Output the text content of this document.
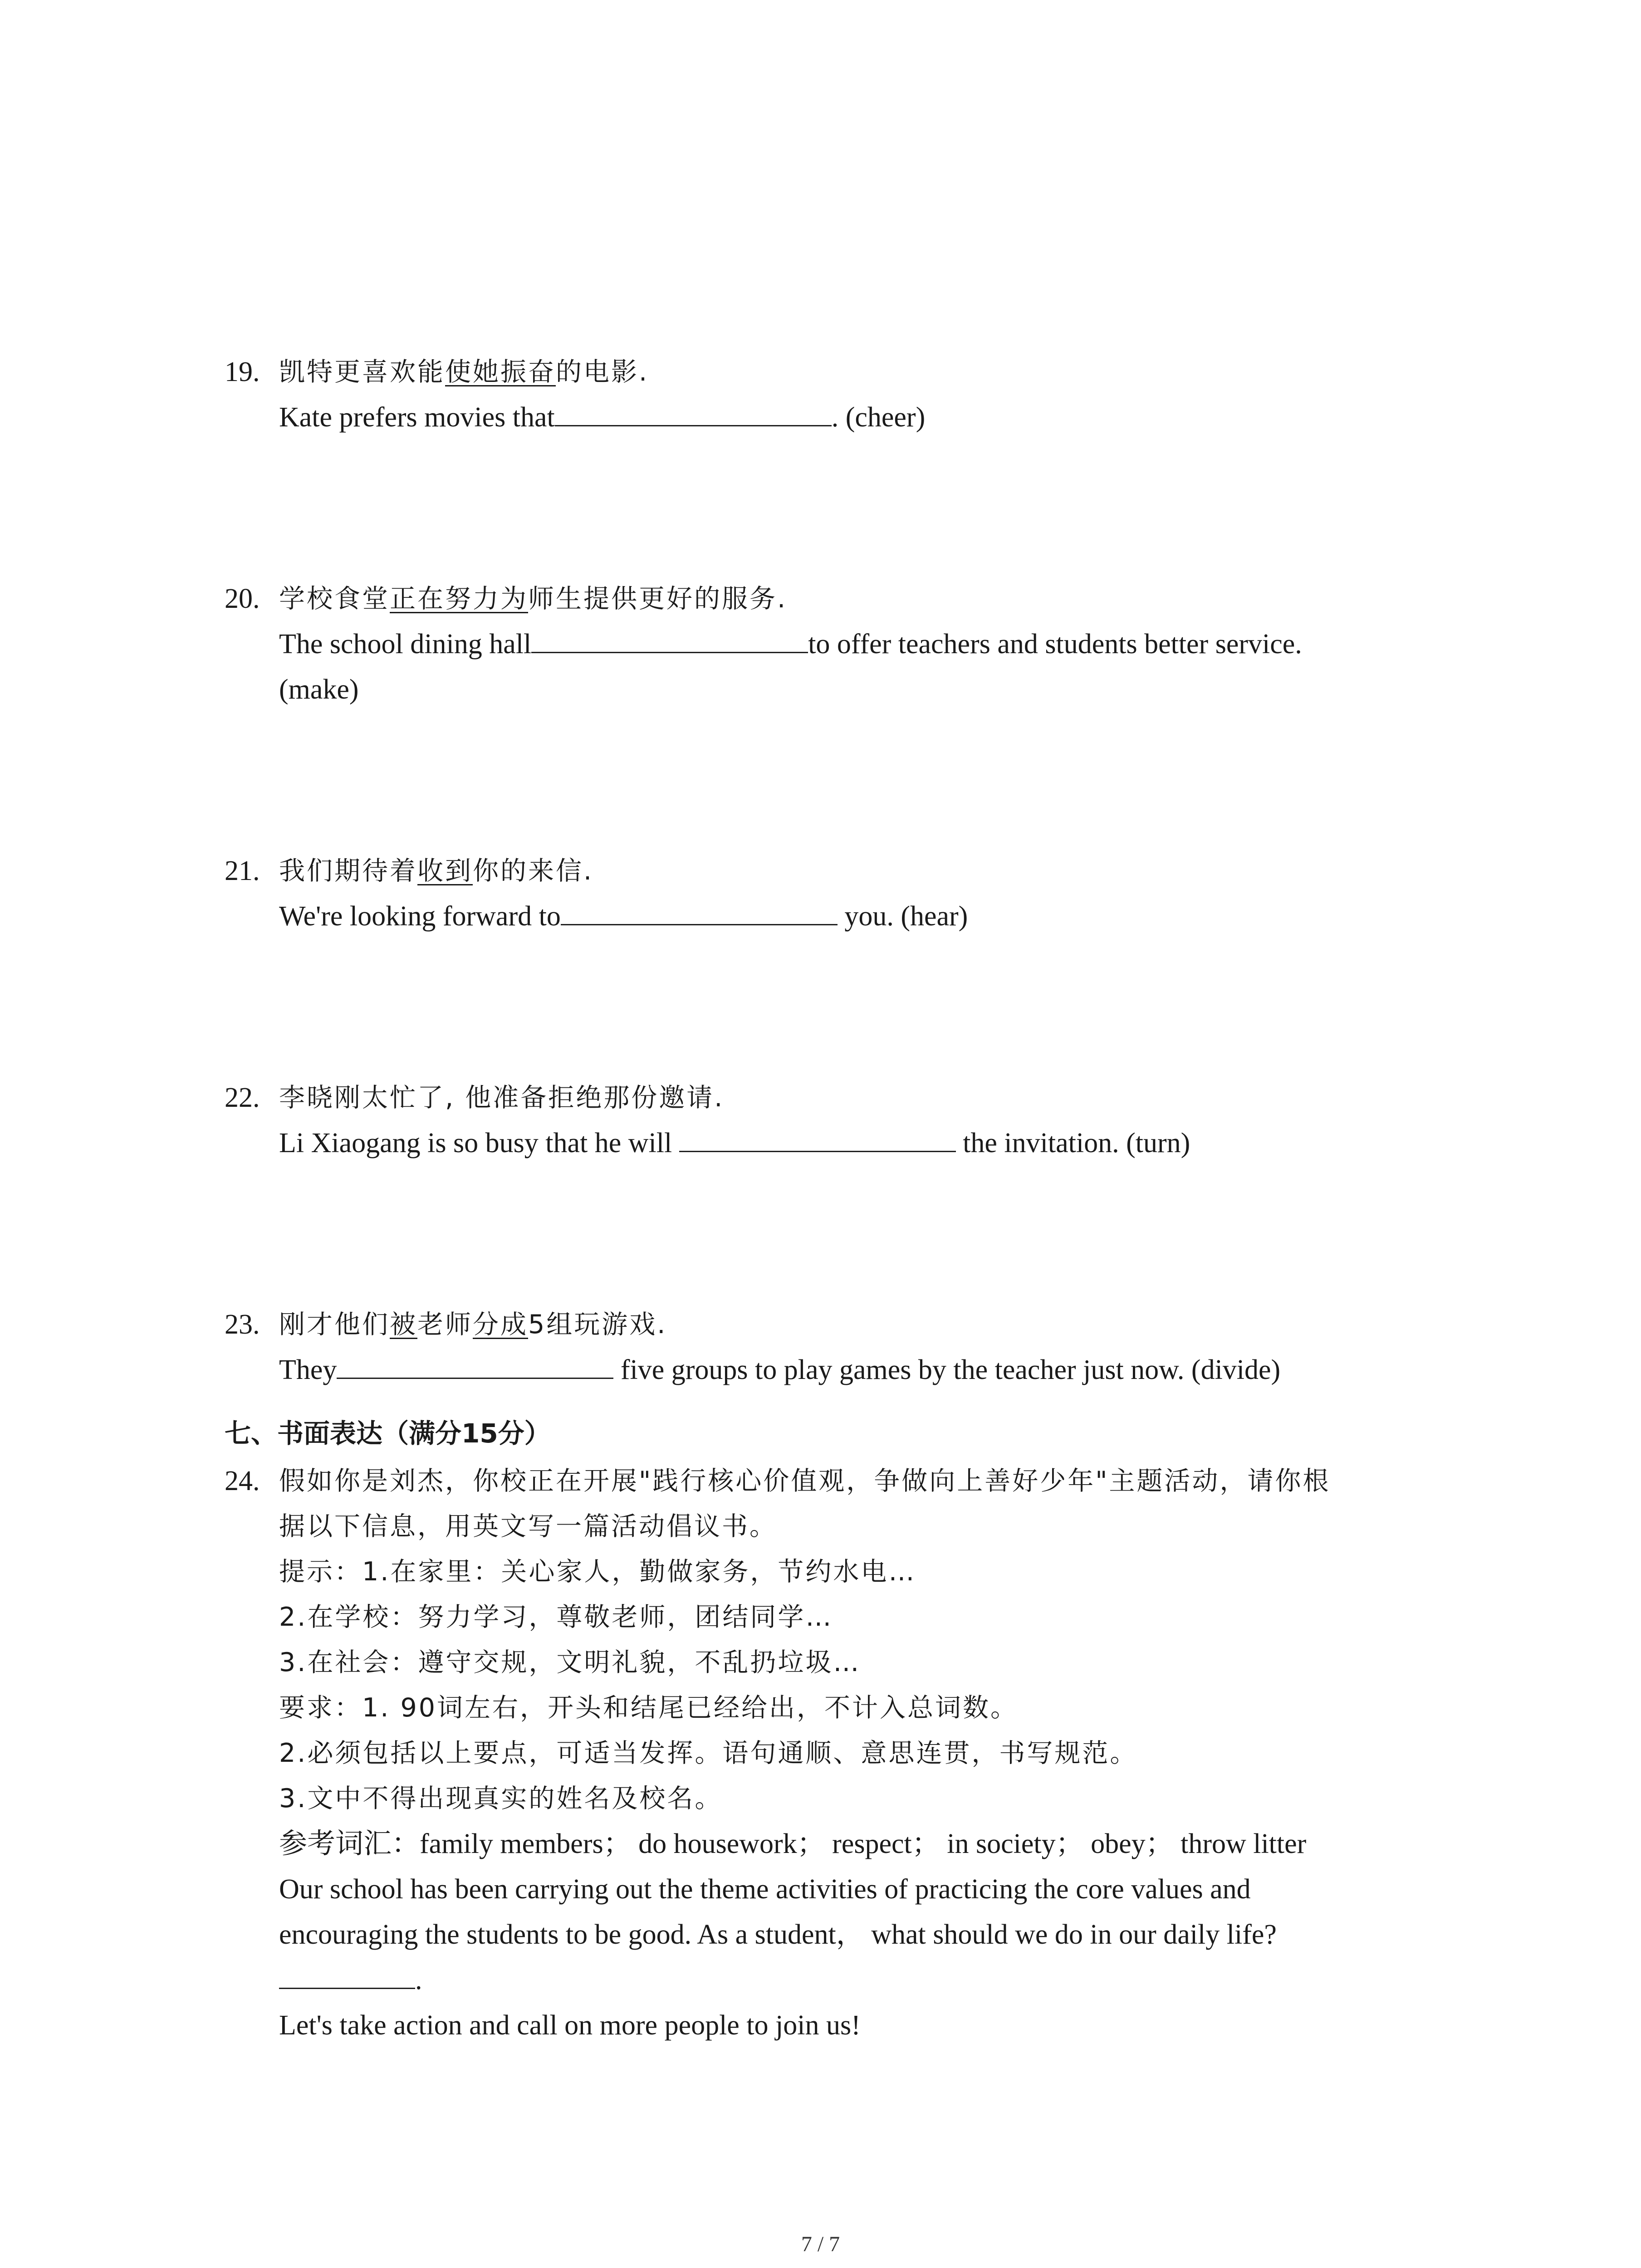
19. 凯特更喜欢能使她振奋的电影.
Kate prefers movies that	. (cheer)
20. 学校食堂正在努力为师生提供更好的服务.
The school dining hall	to offer teachers and students better service.
(make)
21. 我们期待着收到你的来信.
We're looking forward to	you. (hear)
22. 李晓刚太忙了, 他准备拒绝那份邀请.
Li Xiaogang is so busy that he will	the invitation. (turn)
23. 刚才他们被老师分成5组玩游戏.
They	five groups to play games by the teacher just now. (divide)
七、书面表达（满分15分）
24. 假如你是刘杰，你校正在开展"践行核心价值观，争做向上善好少年"主题活动，请你根
据以下信息，用英文写一篇活动倡议书。
提示：1.在家里：关心家人，勤做家务，节约水电…
2.在学校：努力学习，尊敬老师，团结同学…
3.在社会：遵守交规，文明礼貌，不乱扔垃圾…
要求：1. 90词左右，开头和结尾已经给出，不计入总词数。
2.必须包括以上要点，可适当发挥。语句通顺、意思连贯，书写规范。
3.文中不得出现真实的姓名及校名。
参考词汇：family members； do housework； respect； in society； obey； throw litter
Our school has been carrying out the theme activities of practicing the core values and
encouraging the students to be good. As a student， what should we do in our daily life?
.
Let's take action and call on more people to join us!
7 / 7
